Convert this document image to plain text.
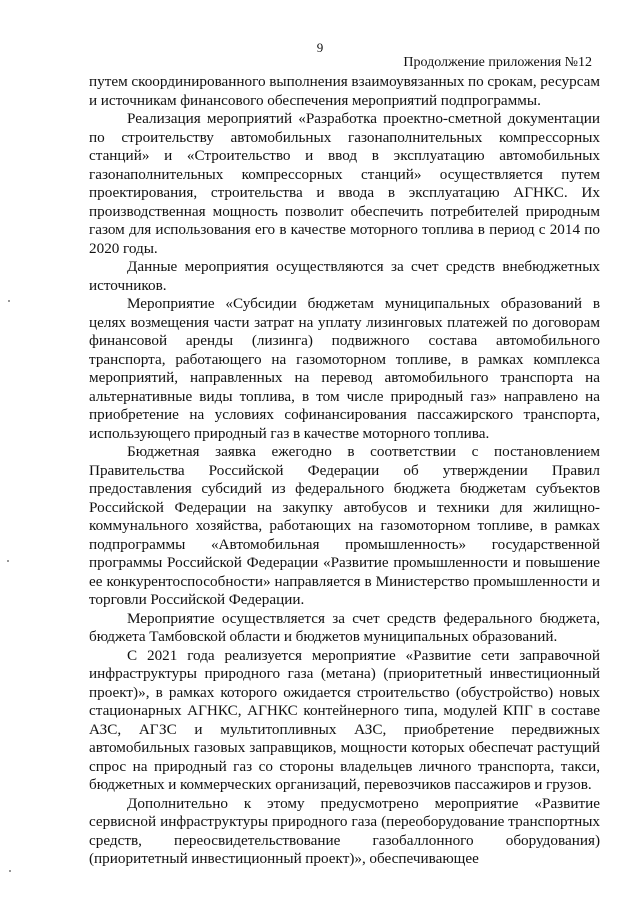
9
Продолжение приложения №12

путем скоординированного выполнения взаимоувязанных по срокам, ресурсам и источникам финансового обеспечения мероприятий подпрограммы.

Реализация мероприятий «Разработка проектно-сметной документации по строительству автомобильных газонаполнительных компрессорных станций» и «Строительство и ввод в эксплуатацию автомобильных газонаполнительных компрессорных станций» осуществляется путем проектирования, строительства и ввода в эксплуатацию АГНКС. Их производственная мощность позволит обеспечить потребителей природным газом для использования его в качестве моторного топлива в период с 2014 по 2020 годы.

Данные мероприятия осуществляются за счет средств внебюджетных источников.

Мероприятие «Субсидии бюджетам муниципальных образований в целях возмещения части затрат на уплату лизинговых платежей по договорам финансовой аренды (лизинга) подвижного состава автомобильного транспорта, работающего на газомоторном топливе, в рамках комплекса мероприятий, направленных на перевод автомобильного транспорта на альтернативные виды топлива, в том числе природный газ» направлено на приобретение на условиях софинансирования пассажирского транспорта, использующего природный газ в качестве моторного топлива.

Бюджетная заявка ежегодно в соответствии с постановлением Правительства Российской Федерации об утверждении Правил предоставления субсидий из федерального бюджета бюджетам субъектов Российской Федерации на закупку автобусов и техники для жилищно-коммунального хозяйства, работающих на газомоторном топливе, в рамках подпрограммы «Автомобильная промышленность» государственной программы Российской Федерации «Развитие промышленности и повышение ее конкурентоспособности» направляется в Министерство промышленности и торговли Российской Федерации.

Мероприятие осуществляется за счет средств федерального бюджета, бюджета Тамбовской области и бюджетов муниципальных образований.

С 2021 года реализуется мероприятие «Развитие сети заправочной инфраструктуры природного газа (метана) (приоритетный инвестиционный проект)», в рамках которого ожидается строительство (обустройство) новых стационарных АГНКС, АГНКС контейнерного типа, модулей КПГ в составе АЗС, АГЗС и мультитопливных АЗС, приобретение передвижных автомобильных газовых заправщиков, мощности которых обеспечат растущий спрос на природный газ со стороны владельцев личного транспорта, такси, бюджетных и коммерческих организаций, перевозчиков пассажиров и грузов.

Дополнительно к этому предусмотрено мероприятие «Развитие сервисной инфраструктуры природного газа (переоборудование транспортных средств, переосвидетельствование газобаллонного оборудования) (приоритетный инвестиционный проект)», обеспечивающее
